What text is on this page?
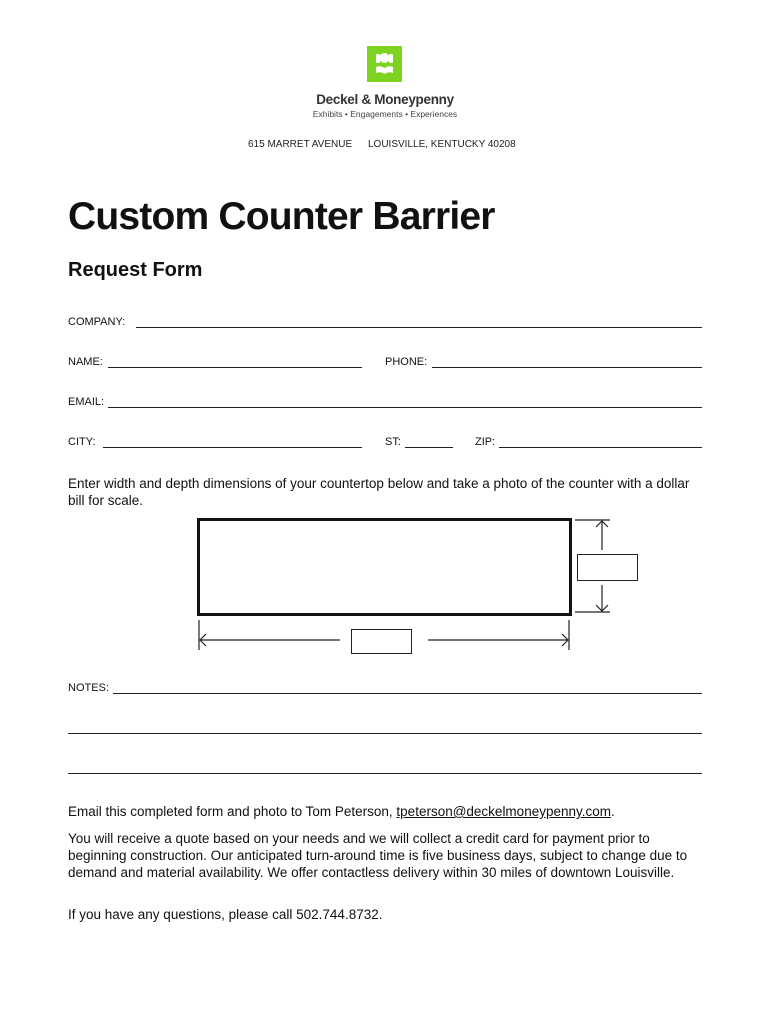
Deckel & Moneypenny
Exhibits • Engagements • Experiences
615 MARRET AVENUE LOUISVILLE, KENTUCKY 40208
Custom Counter Barrier
Request Form
COMPANY:
NAME:	PHONE:
EMAIL:
CITY:	ST:	ZIP:
Enter width and depth dimensions of your countertop below and take a photo of the counter with a dollar bill for scale.
NOTES:
Email this completed form and photo to Tom Peterson, tpeterson@deckelmoneypenny.com.
You will receive a quote based on your needs and we will collect a credit card for payment prior to beginning construction. Our anticipated turn-around time is five business days, subject to change due to demand and material availability. We offer contactless delivery within 30 miles of downtown Louisville.
If you have any questions, please call 502.744.8732.
